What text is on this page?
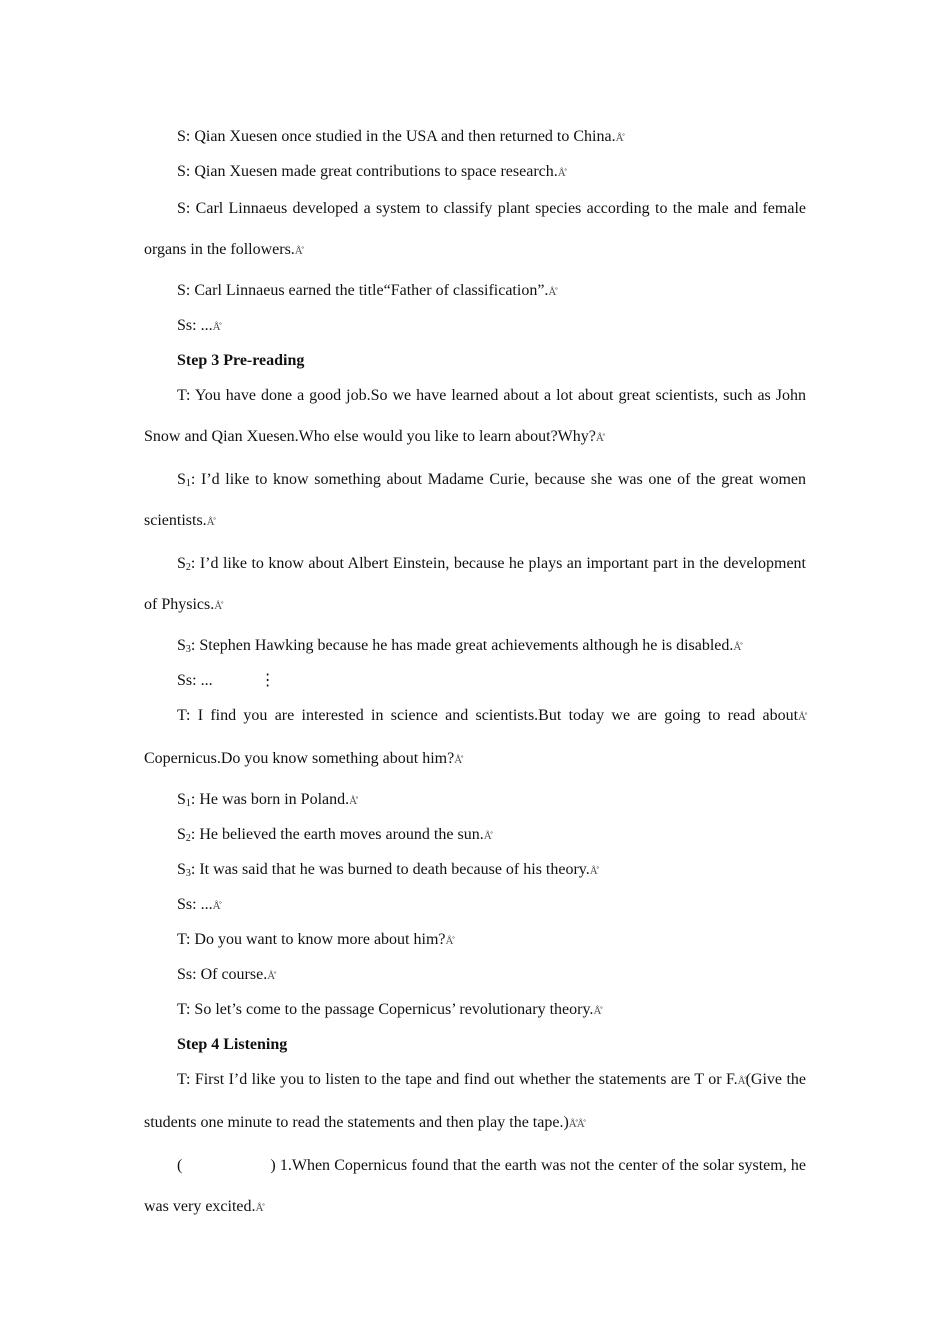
S: Qian Xuesen once studied in the USA and then returned to China.Å̊

S: Qian Xuesen made great contributions to space research.Å̊

S: Carl Linnaeus developed a system to classify plant species according to the male and female organs in the followers.Å̊

S: Carl Linnaeus earned the title“Father of classification”.Å̊

Ss: ...Å̊

Step 3 Pre-reading

T: You have done a good job.So we have learned about a lot about great scientists, such as John Snow and Qian Xuesen.Who else would you like to learn about?Why?Å̊

$S_1$: I’d like to know something about Madame Curie, because she was one of the great women scientists.Å̊

$S_2$: I’d like to know about Albert Einstein, because he plays an important part in the development of Physics.Å̊

$S_3$: Stephen Hawking because he has made great achievements although he is disabled.Å̊

Ss: ...	⋮

T: I find you are interested in science and scientists.But today we are going to read aboutÅ̊ Copernicus.Do you know something about him?Å̊

$S_1$: He was born in Poland.Å̊

$S_2$: He believed the earth moves around the sun.Å̊

$S_3$: It was said that he was burned to death because of his theory.Å̊

Ss: ...Å̊

T: Do you want to know more about him?Å̊

Ss: Of course.Å̊

T: So let’s come to the passage Copernicus’ revolutionary theory.Å̊

Step 4 Listening

T: First I’d like you to listen to the tape and find out whether the statements are T or F.Å̊(Give the students one minute to read the statements and then play the tape.)Å̊Å̊

(	) 1.When Copernicus found that the earth was not the center of the solar system, he was very excited.Å̊
